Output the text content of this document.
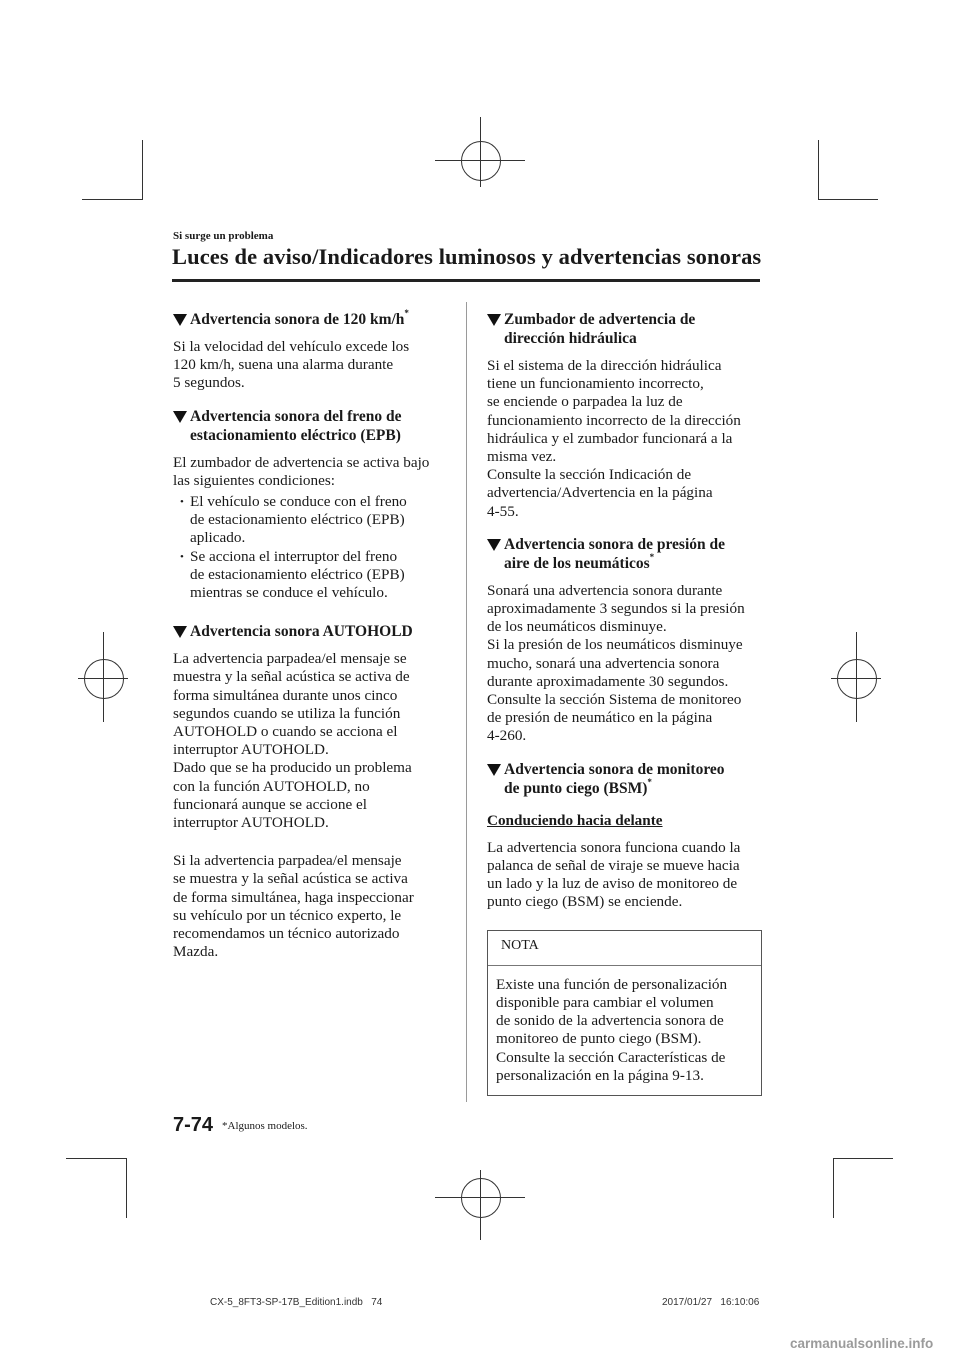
Si surge un problema
Luces de aviso/Indicadores luminosos y advertencias sonoras
Advertencia sonora de 120 km/h*

Si la velocidad del vehículo excede los
120 km/h, suena una alarma durante
5 segundos.

Advertencia sonora del freno de
estacionamiento eléctrico (EPB)

El zumbador de advertencia se activa bajo
las siguientes condiciones:

• El vehículo se conduce con el freno
de estacionamiento eléctrico (EPB)
aplicado.
• Se acciona el interruptor del freno
de estacionamiento eléctrico (EPB)
mientras se conduce el vehículo.
Advertencia sonora AUTOHOLD

La advertencia parpadea/el mensaje se
muestra y la señal acústica se activa de
forma simultánea durante unos cinco
segundos cuando se utiliza la función
AUTOHOLD o cuando se acciona el
interruptor AUTOHOLD.
Dado que se ha producido un problema
con la función AUTOHOLD, no
funcionará aunque se accione el
interruptor AUTOHOLD.

Si la advertencia parpadea/el mensaje
se muestra y la señal acústica se activa
de forma simultánea, haga inspeccionar
su vehículo por un técnico experto, le
recomendamos un técnico autorizado
Mazda.

Zumbador de advertencia de
dirección hidráulica

Si el sistema de la dirección hidráulica
tiene un funcionamiento incorrecto,
se enciende o parpadea la luz de
funcionamiento incorrecto de la dirección
hidráulica y el zumbador funcionará a la
misma vez.
Consulte la sección Indicación de
advertencia/Advertencia en la página
4-55.

Advertencia sonora de presión de
aire de los neumáticos*

Sonará una advertencia sonora durante
aproximadamente 3 segundos si la presión
de los neumáticos disminuye.
Si la presión de los neumáticos disminuye
mucho, sonará una advertencia sonora
durante aproximadamente 30 segundos.
Consulte la sección Sistema de monitoreo
de presión de neumático en la página
4-260.

Advertencia sonora de monitoreo
de punto ciego (BSM)*

Conduciendo hacia delante

La advertencia sonora funciona cuando la
palanca de señal de viraje se mueve hacia
un lado y la luz de aviso de monitoreo de
punto ciego (BSM) se enciende.

NOTA
Existe una función de personalización
disponible para cambiar el volumen
de sonido de la advertencia sonora de
monitoreo de punto ciego (BSM).
Consulte la sección Características de
personalización en la página 9-13.
7-74 *Algunos modelos.
CX-5_8FT3-SP-17B_Edition1.indb   74	2017/01/27   16:10:06
carmanualsonline.info
